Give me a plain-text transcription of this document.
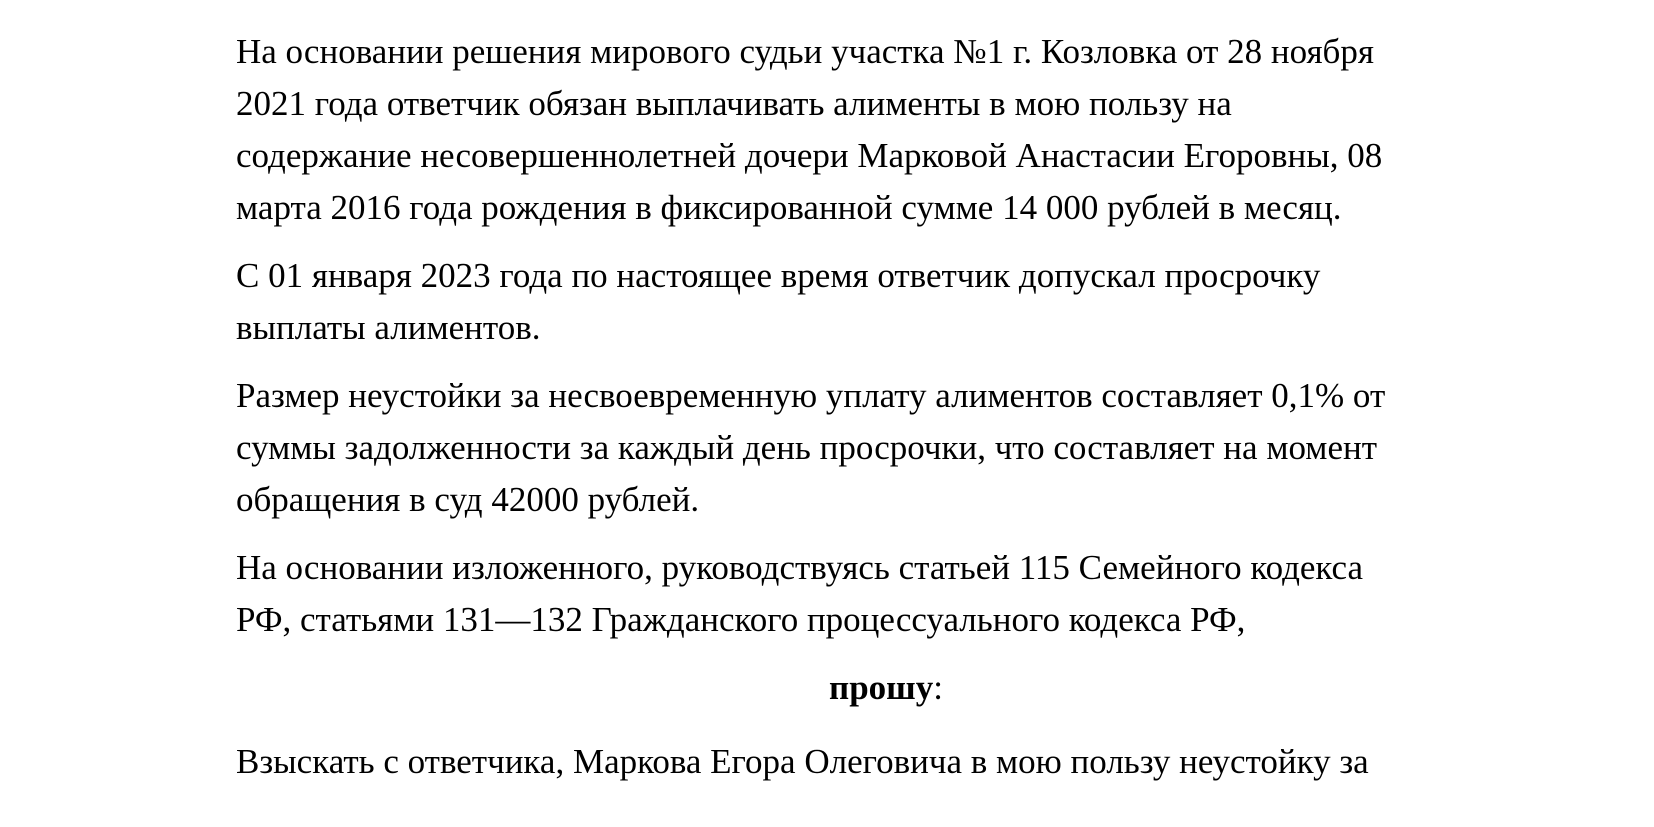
На основании решения мирового судьи участка №1 г. Козловка от 28 ноября
2021 года ответчик обязан выплачивать алименты в мою пользу на
содержание несовершеннолетней дочери Марковой Анастасии Егоровны, 08
марта 2016 года рождения в фиксированной сумме 14 000 рублей в месяц.

С 01 января 2023 года по настоящее время ответчик допускал просрочку
выплаты алиментов.

Размер неустойки за несвоевременную уплату алиментов составляет 0,1% от
суммы задолженности за каждый день просрочки, что составляет на момент
обращения в суд 42000 рублей.

На основании изложенного, руководствуясь статьей 115 Семейного кодекса
РФ, статьями 131—132 Гражданского процессуального кодекса РФ,

прошу:

Взыскать с ответчика, Маркова Егора Олеговича в мою пользу неустойку за
